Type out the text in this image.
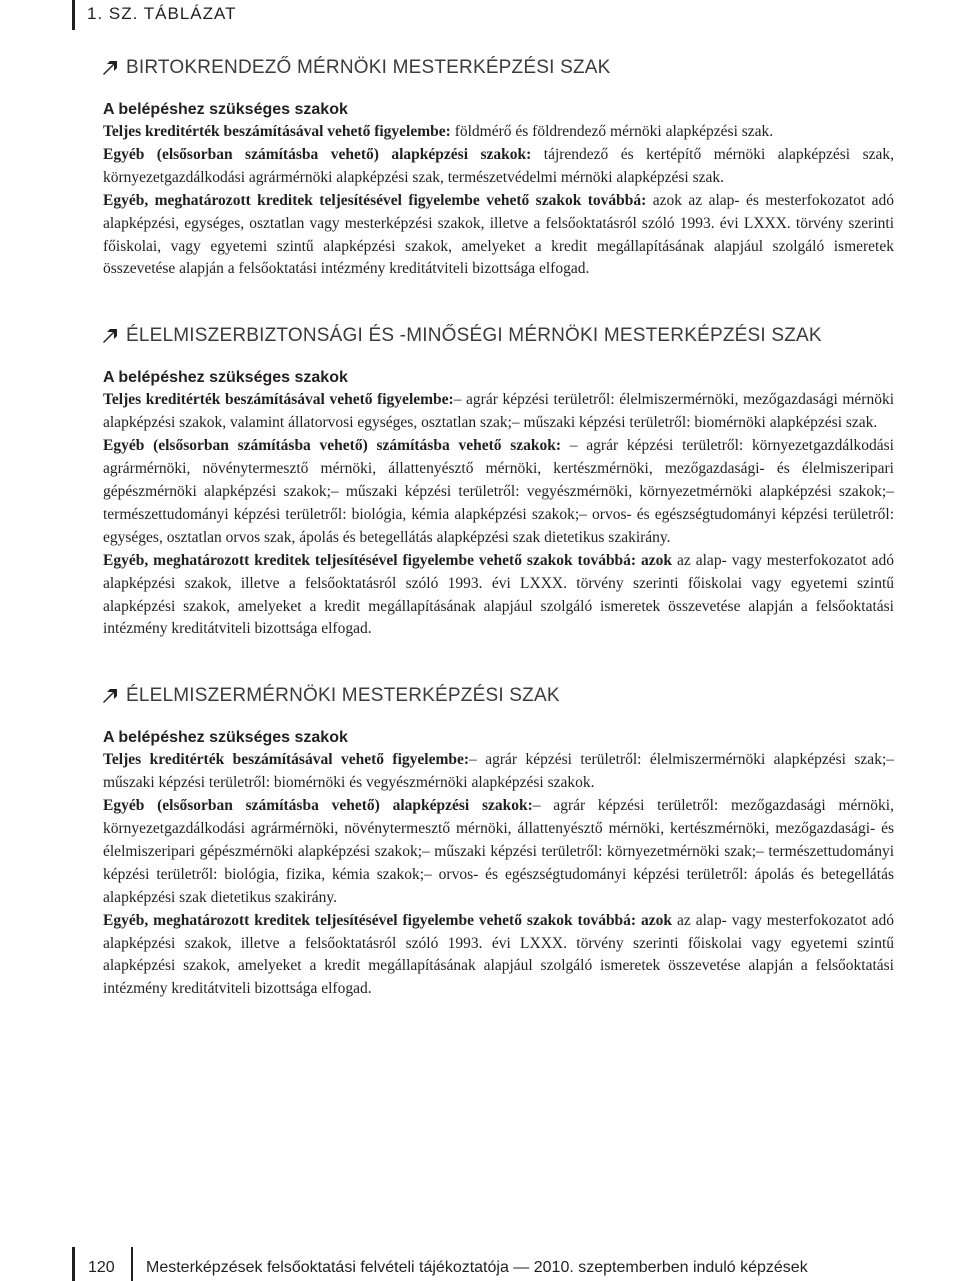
1. SZ. TÁBLÁZAT
BIRTOKRENDEZŐ MÉRNÖKI MESTERKÉPZÉSI SZAK

A belépéshez szükséges szakok

Teljes kreditérték beszámításával vehető figyelembe: földmérő és földrendező mérnöki alapképzési szak.

Egyéb (elsősorban számításba vehető) alapképzési szakok: tájrendező és kertépítő mérnöki alapképzési szak, környezetgazdálkodási agrármérnöki alapképzési szak, természetvédelmi mérnöki alapképzési szak.

Egyéb, meghatározott kreditek teljesítésével figyelembe vehető szakok továbbá: azok az alap- és mesterfokozatot adó alapképzési, egységes, osztatlan vagy mesterképzési szakok, illetve a felsőoktatásról szóló 1993. évi LXXX. törvény szerinti főiskolai, vagy egyetemi szintű alapképzési szakok, amelyeket a kredit megállapításának alapjául szolgáló ismeretek összevetése alapján a felsőoktatási intézmény kreditátviteli bizottsága elfogad.

ÉLELMISZERBIZTONSÁGI ÉS -MINŐSÉGI MÉRNÖKI MESTERKÉPZÉSI SZAK

A belépéshez szükséges szakok

Teljes kreditérték beszámításával vehető figyelembe:– agrár képzési területről: élelmiszermérnöki, mezőgazdasági mérnöki alapképzési szakok, valamint állatorvosi egységes, osztatlan szak;– műszaki képzési területről: biomérnöki alapképzési szak.

Egyéb (elsősorban számításba vehető) számításba vehető szakok: – agrár képzési területről: környezetgazdálkodási agrármérnöki, növénytermesztő mérnöki, állattenyésztő mérnöki, kertészmérnöki, mezőgazdasági- és élelmiszeripari gépészmérnöki alapképzési szakok;– műszaki képzési területről: vegyészmérnöki, környezetmérnöki alapképzési szakok;– természettudományi képzési területről: biológia, kémia alapképzési szakok;– orvos- és egészségtudományi képzési területről: egységes, osztatlan orvos szak, ápolás és betegellátás alapképzési szak dietetikus szakirány.

Egyéb, meghatározott kreditek teljesítésével figyelembe vehető szakok továbbá: azok az alap- vagy mesterfokozatot adó alapképzési szakok, illetve a felsőoktatásról szóló 1993. évi LXXX. törvény szerinti főiskolai vagy egyetemi szintű alapképzési szakok, amelyeket a kredit megállapításának alapjául szolgáló ismeretek összevetése alapján a felsőoktatási intézmény kreditátviteli bizottsága elfogad.

ÉLELMISZERMÉRNÖKI MESTERKÉPZÉSI SZAK

A belépéshez szükséges szakok

Teljes kreditérték beszámításával vehető figyelembe:– agrár képzési területről: élelmiszermérnöki alapképzési szak;– műszaki képzési területről: biomérnöki és vegyészmérnöki alapképzési szakok.

Egyéb (elsősorban számításba vehető) alapképzési szakok:– agrár képzési területről: mezőgazdasági mérnöki, környezetgazdálkodási agrármérnöki, növénytermesztő mérnöki, állattenyésztő mérnöki, kertészmérnöki, mezőgazdasági- és élelmiszeripari gépészmérnöki alapképzési szakok;– műszaki képzési területről: környezetmérnöki szak;– természettudományi képzési területről: biológia, fizika, kémia szakok;– orvos- és egészségtudományi képzési területről: ápolás és betegellátás alapképzési szak dietetikus szakirány.

Egyéb, meghatározott kreditek teljesítésével figyelembe vehető szakok továbbá: azok az alap- vagy mesterfokozatot adó alapképzési szakok, illetve a felsőoktatásról szóló 1993. évi LXXX. törvény szerinti főiskolai vagy egyetemi szintű alapképzési szakok, amelyeket a kredit megállapításának alapjául szolgáló ismeretek összevetése alapján a felsőoktatási intézmény kreditátviteli bizottsága elfogad.

120 Mesterképzések felsőoktatási felvételi tájékoztatója — 2010. szeptemberben induló képzések
